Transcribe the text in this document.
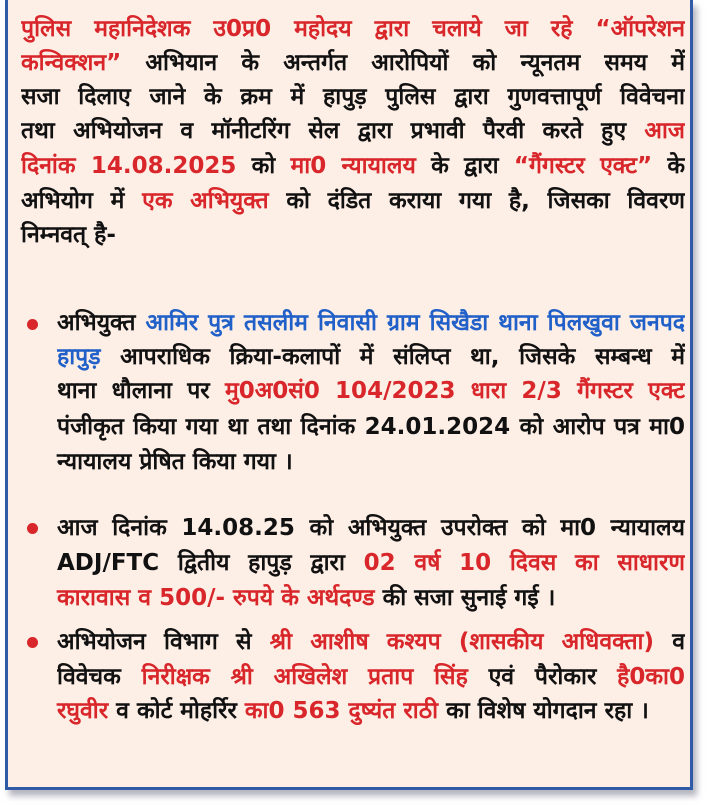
पुलिस महानिदेशक उ0प्र0 महोदय द्वारा चलाये जा रहे “ऑपरेशन
कन्विक्शन” अभियान के अन्तर्गत आरोपियों को न्यूनतम समय में
सजा दिलाए जाने के क्रम में हापुड़ पुलिस द्वारा गुणवत्तापूर्ण विवेचना
तथा अभियोजन व मॉनीटरिंग सेल द्वारा प्रभावी पैरवी करते हुए आज
दिनांक 14.08.2025 को मा0 न्यायालय के द्वारा “गैंगस्टर एक्ट” के
अभियोग में एक अभियुक्त को दंडित कराया गया है, जिसका विवरण
निम्नवत् है-
अभियुक्त आमिर पुत्र तसलीम निवासी ग्राम सिखैडा थाना पिलखुवा जनपद
हापुड़ आपराधिक क्रिया-कलापों में संलिप्त था, जिसके सम्बन्ध में
थाना धौलाना पर मु0अ0सं0 104/2023 धारा 2/3 गैंगस्टर एक्ट
पंजीकृत किया गया था तथा दिनांक 24.01.2024 को आरोप पत्र मा0
न्यायालय प्रेषित किया गया ।
आज दिनांक 14.08.25 को अभियुक्त उपरोक्त को मा0 न्यायालय
ADJ/FTC द्वितीय हापुड़ द्वारा 02 वर्ष 10 दिवस का साधारण
कारावास व 500/- रुपये के अर्थदण्ड की सजा सुनाई गई ।
अभियोजन विभाग से श्री आशीष कश्यप (शासकीय अधिवक्ता) व
विवेचक निरीक्षक श्री अखिलेश प्रताप सिंह एवं पैरोकार है0का0
रघुवीर व कोर्ट मोहर्रिर का0 563 दुष्यंत राठी का विशेष योगदान रहा ।
